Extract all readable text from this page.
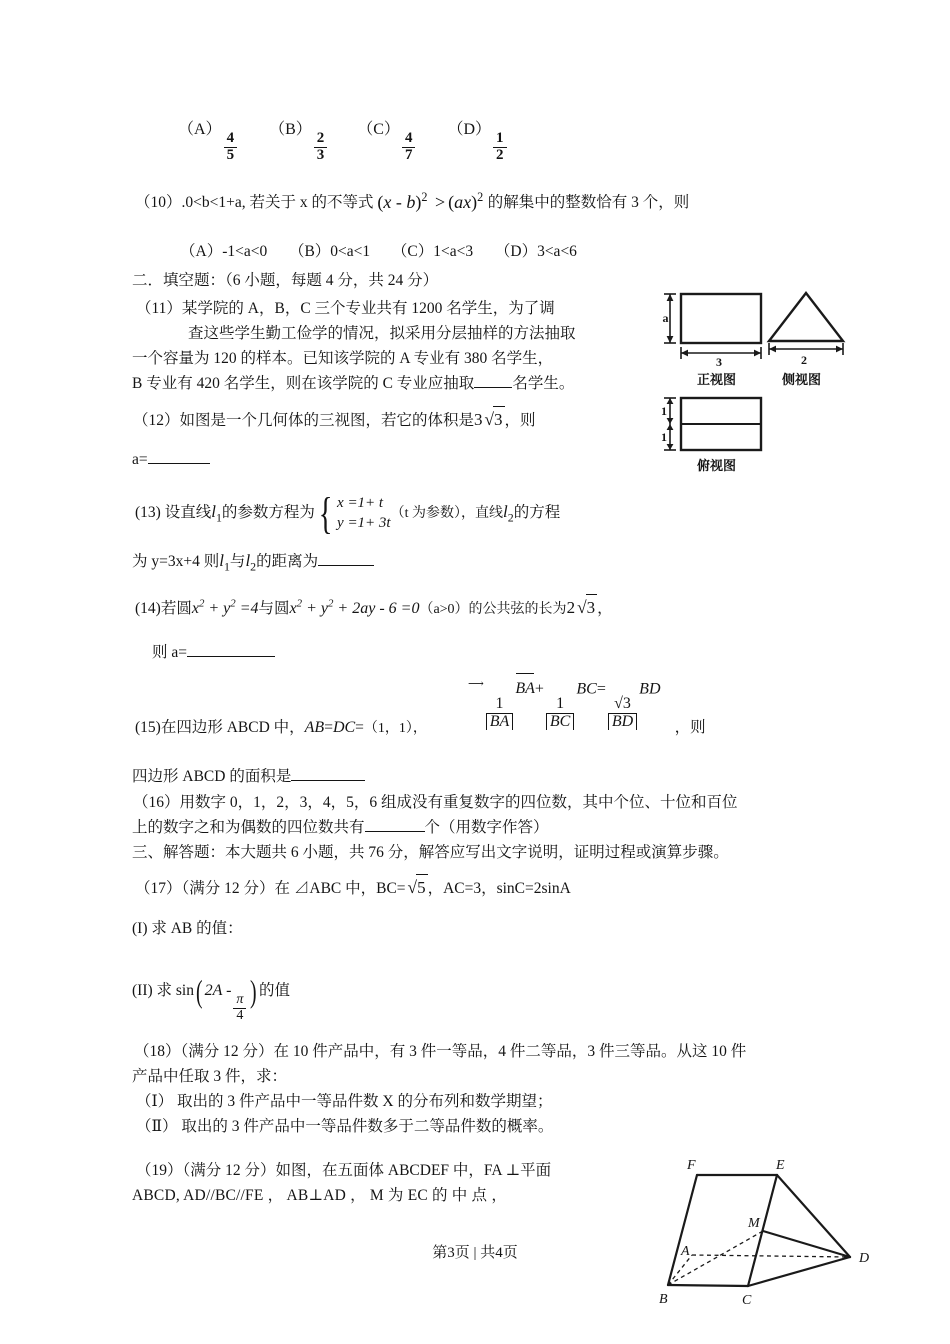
（A）
$\frac{4}{5}$
（B）
$\frac{2}{3}$
（C）
$\frac{4}{7}$
（D）
$\frac{1}{2}$
（10）.0<b<1+a, 若关于 x 的不等式 (x - b)$^2$ > (ax)$^2$ 的解集中的整数恰有 3 个，则
（A）-1<a<0 （B）0<a<1 （C）1<a<3 （D）3<a<6
二．填空题：（6 小题，每题 4 分，共 24 分）
（11）某学院的 A，B，C 三个专业共有 1200 名学生，为了调
查这些学生勤工俭学的情况，拟采用分层抽样的方法抽取
一个容量为 120 的样本。已知该学院的 A 专业有 380 名学生，
B 专业有 420 名学生，则在该学院的 C 专业应抽取 名学生。
（12）如图是一个几何体的三视图，若它的体积是3 √3 ，则
a=
(13) 设直线$l_1$的参数方程为 { x =1+ t
y =1+ 3t
（t 为参数），直线$l_2$的方程
为 y=3x+4 则$l_1$与$l_2$的距离为
(14)若圆$x^2 + y^2 =4$与圆$x^2 + y^2 + 2ay - 6 =0(a>0)$的公共弦的长为2 √3 ，
则 a=
(15)在四边形 ABCD 中，AB=DC=（1，1），	，则
⟶
$\frac{1}{BA}$
BA+
$\frac{1}{BC}$
BC=
$\frac{√3}{BD}$
BD
四边形 ABCD 的面积是
（16）用数字 0，1，2，3，4，5，6 组成没有重复数字的四位数，其中个位、十位和百位
上的数字之和为偶数的四位数共有	个（用数字作答）
三、解答题：本大题共 6 小题，共 76 分，解答应写出文字说明，证明过程或演算步骤。
（17）（满分 12 分）在 ⊿ABC 中，BC= √5 ，AC=3，sinC=2sinA
(I) 求 AB 的值：
(II) 求 sin( 2A -
$\frac{\pi}{4}$ ) 的值
（18）（满分 12 分）在 10 件产品中，有 3 件一等品，4 件二等品，3 件三等品。从这 10 件
产品中任取 3 件，求：
（Ⅰ） 取出的 3 件产品中一等品件数 X 的分布列和数学期望；
（Ⅱ） 取出的 3 件产品中一等品件数多于二等品件数的概率。
（19）（满分 12 分）如图，在五面体 ABCDEF 中，FA ⊥平面
ABCD, AD//BC//FE ， AB⊥AD ， M 为 EC 的 中 点 ，
a
3
正视图
2
侧视图
1
1
俯视图
F	E
M
A	D
B	C
第3页 | 共4页
